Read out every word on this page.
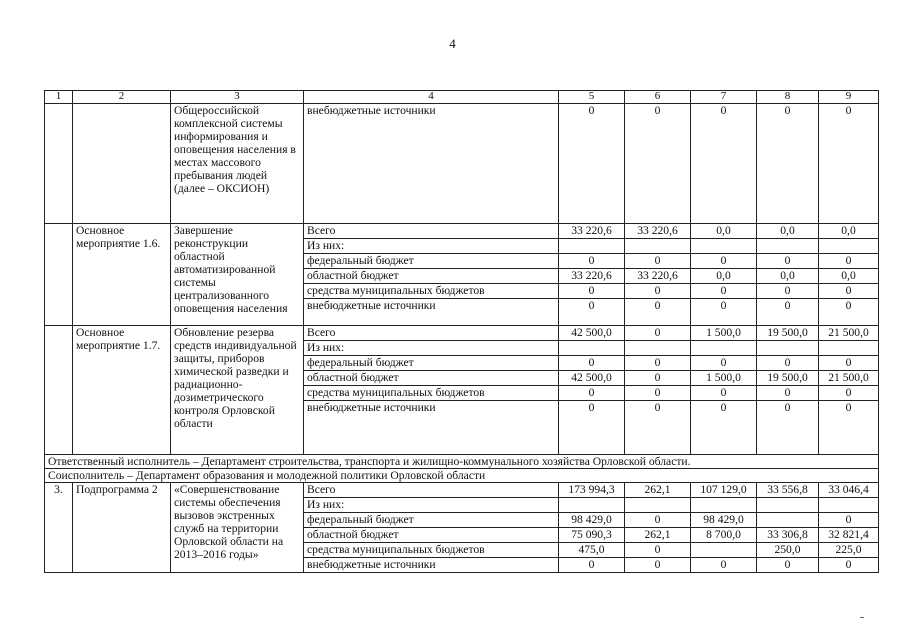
4
1	2	3	4	5	6	7	8	9
		Общероссийской комплексной системы информирования и оповещения населения в местах массового пребывания людей (далее – ОКСИОН)	внебюджетные источники	0	0	0	0	0
	Основное мероприятие 1.6.	Завершение реконструкции областной автоматизированной системы централизованного оповещения населения	Всего	33 220,6	33 220,6	0,0	0,0	0,0
			Из них:					
			федеральный бюджет	0	0	0	0	0
			областной бюджет	33 220,6	33 220,6	0,0	0,0	0,0
			средства муниципальных бюджетов	0	0	0	0	0
			внебюджетные источники	0	0	0	0	0
	Основное мероприятие 1.7.	Обновление резерва средств индивидуальной защиты, приборов химической разведки и радиационно-дозиметрического контроля Орловской области	Всего	42 500,0	0	1 500,0	19 500,0	21 500,0
			Из них:					
			федеральный бюджет	0	0	0	0	0
			областной бюджет	42 500,0	0	1 500,0	19 500,0	21 500,0
			средства муниципальных бюджетов	0	0	0	0	0
			внебюджетные источники	0	0	0	0	0
Ответственный исполнитель – Департамент строительства, транспорта и жилищно-коммунального хозяйства Орловской области.								
Соисполнитель – Департамент образования и молодежной политики Орловской области								
3.	Подпрограмма 2	«Совершенствование системы обеспечения вызовов экстренных служб на территории Орловской области на 2013–2016 годы»	Всего	173 994,3	262,1	107 129,0	33 556,8	33 046,4
			Из них:					
			федеральный бюджет	98 429,0	0	98 429,0		0
			областной бюджет	75 090,3	262,1	8 700,0	33 306,8	32 821,4
			средства муниципальных бюджетов	475,0	0		250,0	225,0
			внебюджетные источники	0	0	0	0	0
